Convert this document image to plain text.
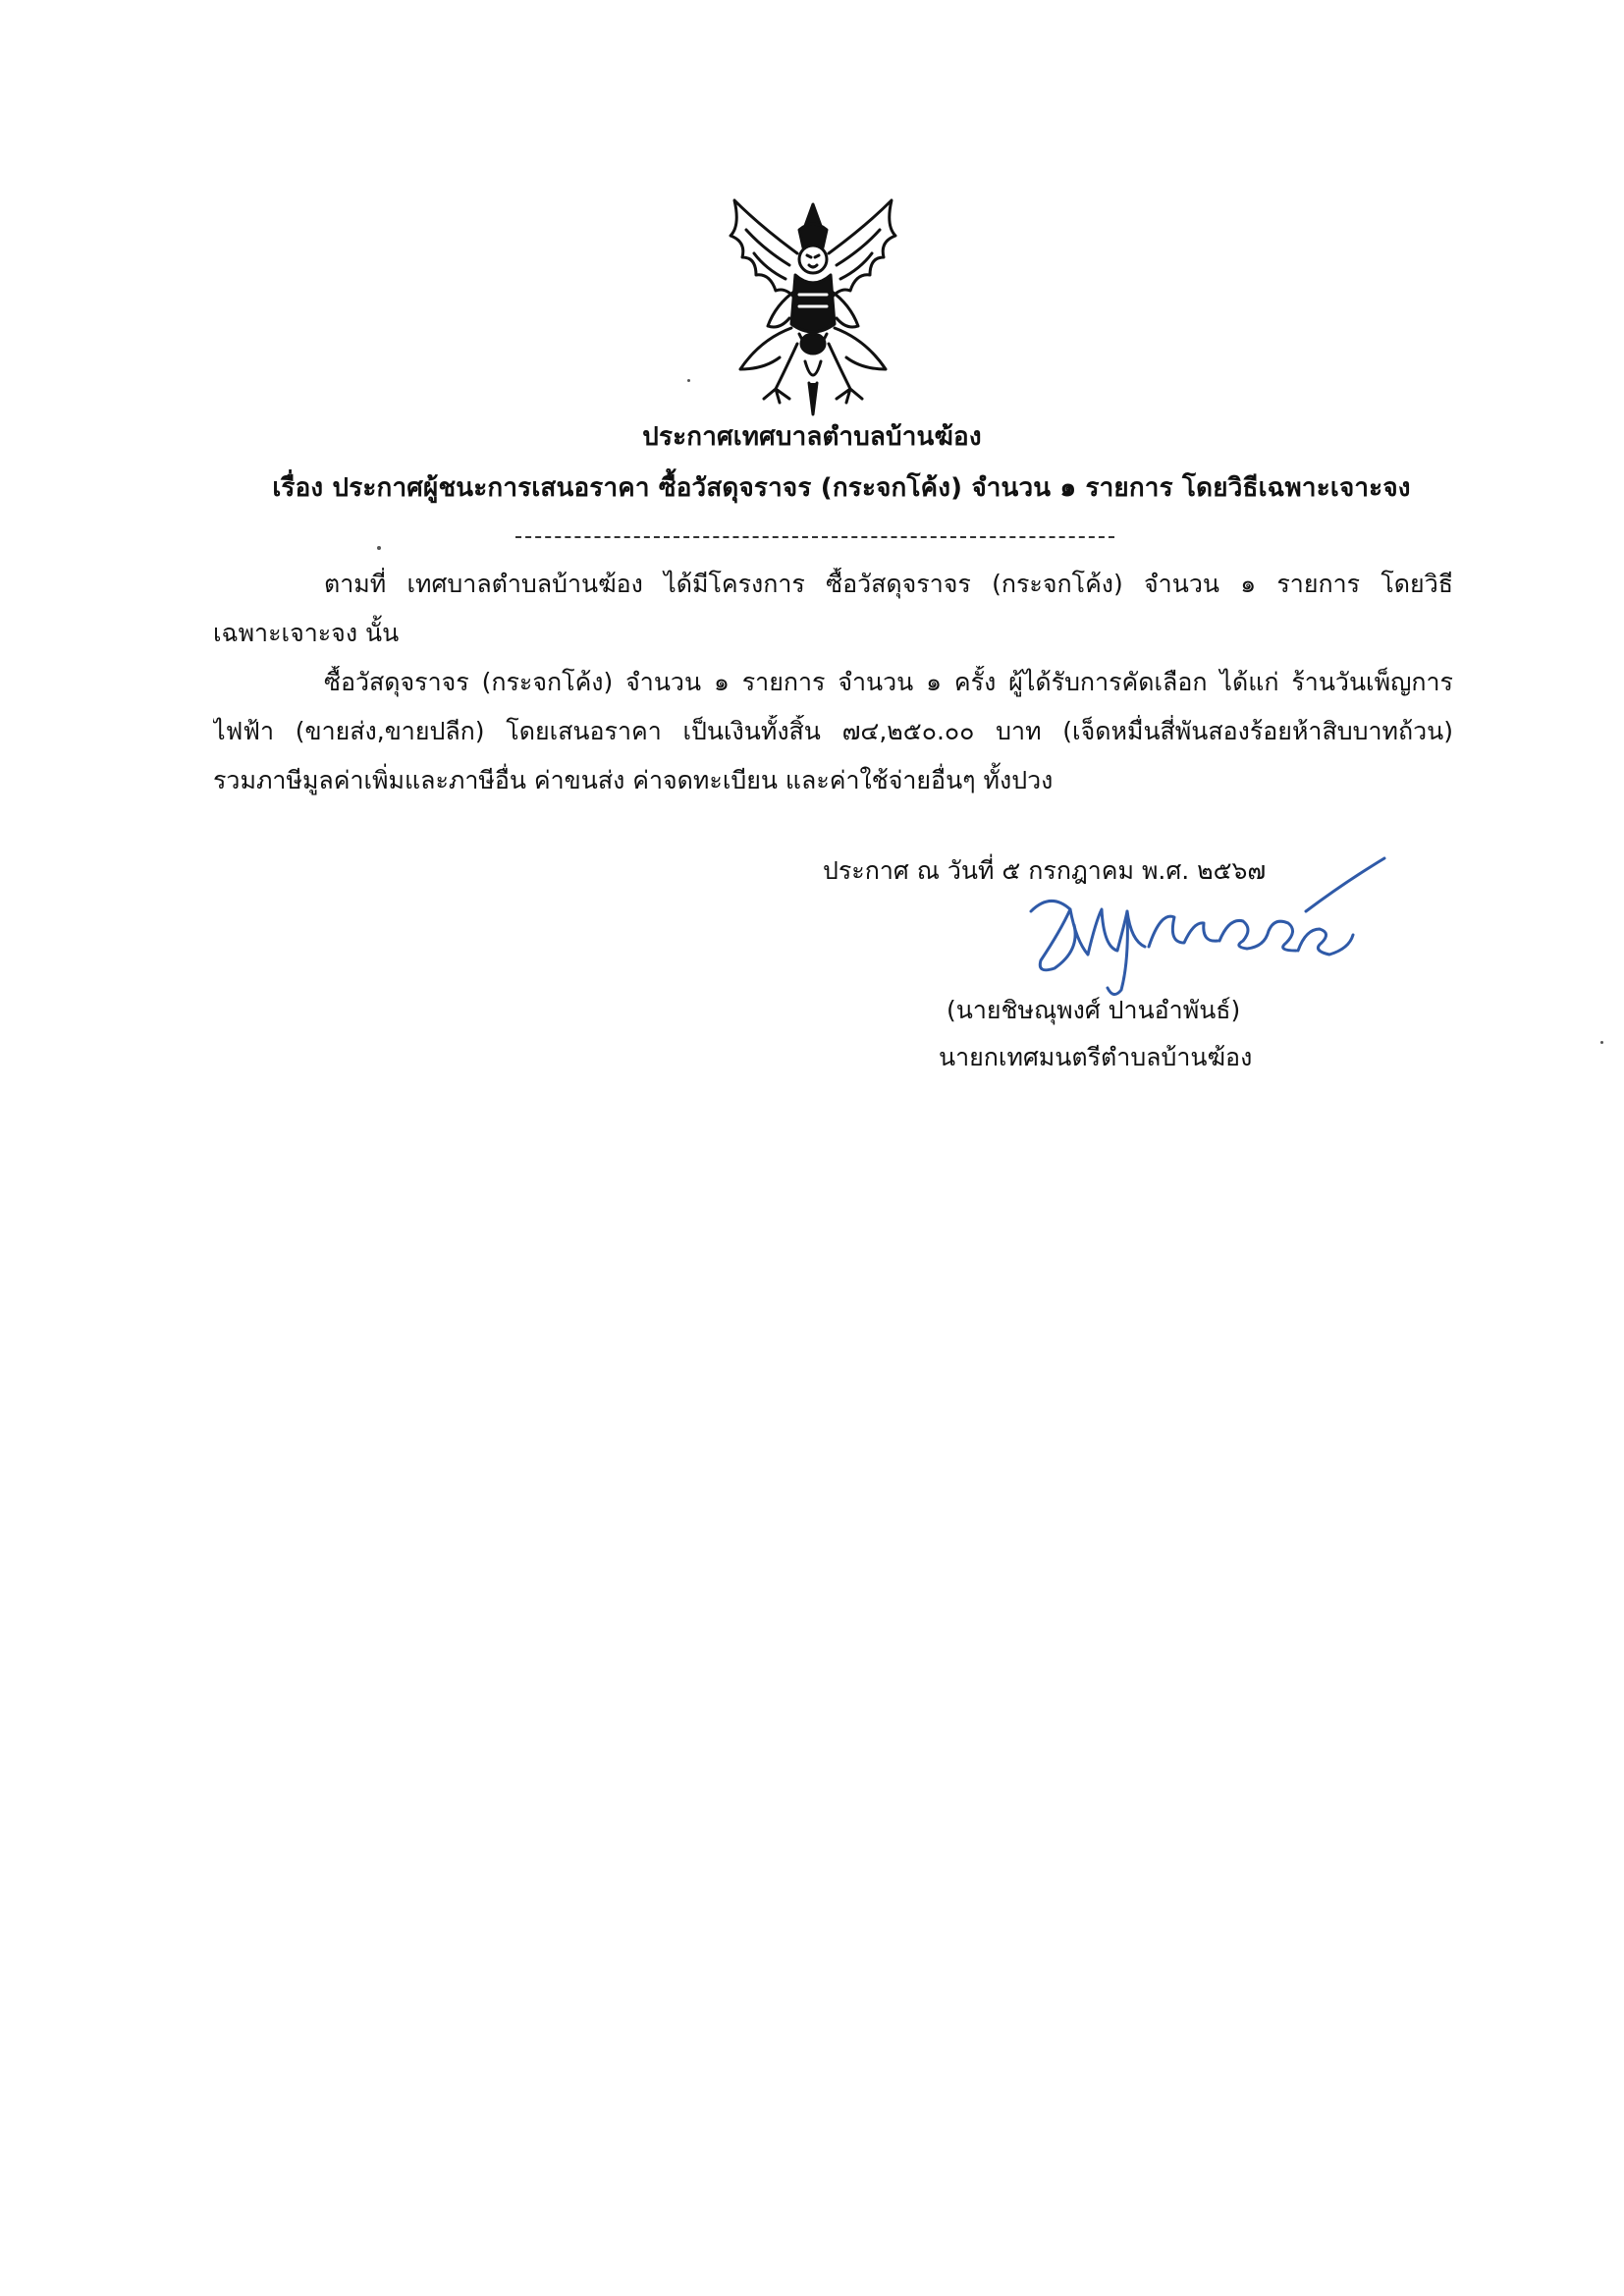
ประกาศเทศบาลตำบลบ้านฆ้อง
เรื่อง ประกาศผู้ชนะการเสนอราคา ซื้อวัสดุจราจร (กระจกโค้ง) จำนวน ๑ รายการ โดยวิธีเฉพาะเจาะจง
ตามที่ เทศบาลตำบลบ้านฆ้อง ได้มีโครงการ ซื้อวัสดุจราจร (กระจกโค้ง) จำนวน ๑ รายการ โดยวิธี
เฉพาะเจาะจง นั้น
ซื้อวัสดุจราจร (กระจกโค้ง) จำนวน ๑ รายการ จำนวน ๑ ครั้ง ผู้ได้รับการคัดเลือก ได้แก่ ร้านวันเพ็ญการ
ไฟฟ้า (ขายส่ง,ขายปลีก) โดยเสนอราคา เป็นเงินทั้งสิ้น ๗๔,๒๕๐.๐๐ บาท (เจ็ดหมื่นสี่พันสองร้อยห้าสิบบาทถ้วน)
รวมภาษีมูลค่าเพิ่มและภาษีอื่น ค่าขนส่ง ค่าจดทะเบียน และค่าใช้จ่ายอื่นๆ ทั้งปวง
ประกาศ ณ วันที่ ๕ กรกฎาคม พ.ศ. ๒๕๖๗
(นายชิษณุพงศ์ ปานอำพันธ์)
นายกเทศมนตรีตำบลบ้านฆ้อง
